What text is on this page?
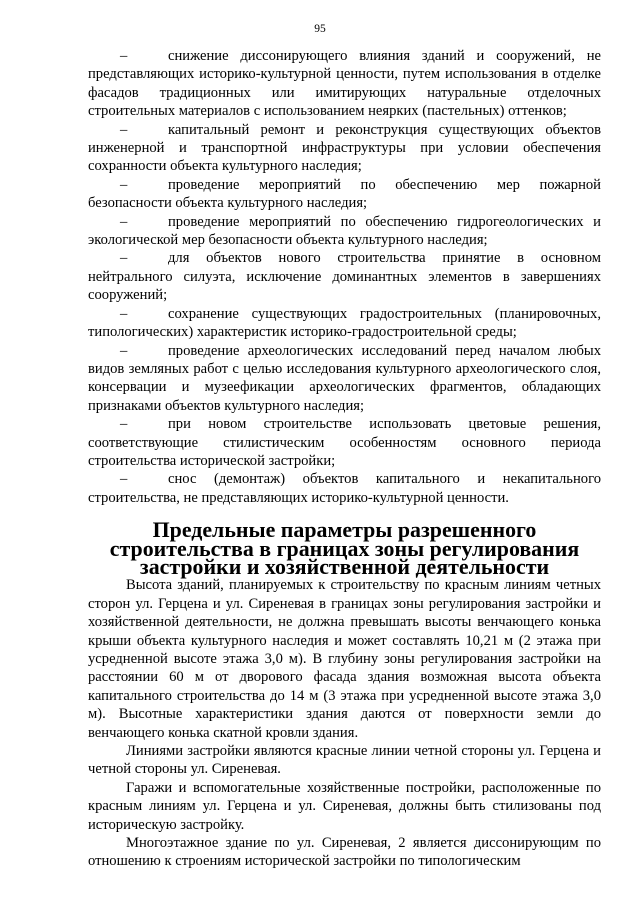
95

–	снижение диссонирующего влияния зданий и сооружений, не представляющих историко-культурной ценности, путем использования в отделке фасадов традиционных или имитирующих натуральные отделочных строительных материалов с использованием неярких (пастельных) оттенков;

–	капитальный ремонт и реконструкция существующих объектов инженерной и транспортной инфраструктуры при условии обеспечения сохранности объекта культурного наследия;

–	проведение мероприятий по обеспечению мер пожарной безопасности объекта культурного наследия;

–	проведение мероприятий по обеспечению гидрогеологических и экологической мер безопасности объекта культурного наследия;

–	для объектов нового строительства принятие в основном нейтрального силуэта, исключение доминантных элементов в завершениях сооружений;

–	сохранение существующих градостроительных (планировочных, типологических) характеристик историко-градостроительной среды;

–	проведение археологических исследований перед началом любых видов земляных работ с целью исследования культурного археологического слоя, консервации и музеефикации археологических фрагментов, обладающих признаками объектов культурного наследия;

–	при новом строительстве использовать цветовые решения, соответствующие стилистическим особенностям основного периода строительства исторической застройки;

–	снос (демонтаж) объектов капитального и некапитального строительства, не представляющих историко-культурной ценности.

Предельные параметры разрешенного строительства в границах зоны регулирования застройки и хозяйственной деятельности

Высота зданий, планируемых к строительству по красным линиям четных сторон ул. Герцена и ул. Сиреневая в границах зоны регулирования застройки и хозяйственной деятельности, не должна превышать высоты венчающего конька крыши объекта культурного наследия и может составлять 10,21 м (2 этажа при усредненной высоте этажа 3,0 м). В глубину зоны регулирования застройки на расстоянии 60 м от дворового фасада здания возможная высота объекта капитального строительства до 14 м (3 этажа при усредненной высоте этажа 3,0 м). Высотные характеристики здания даются от поверхности земли до венчающего конька скатной кровли здания.

Линиями застройки являются красные линии четной стороны ул. Герцена и четной стороны ул. Сиреневая.

Гаражи и вспомогательные хозяйственные постройки, расположенные по красным линиям ул. Герцена и ул. Сиреневая, должны быть стилизованы под историческую застройку.

Многоэтажное здание по ул. Сиреневая, 2 является диссонирующим по отношению к строениям исторической застройки по типологическим
